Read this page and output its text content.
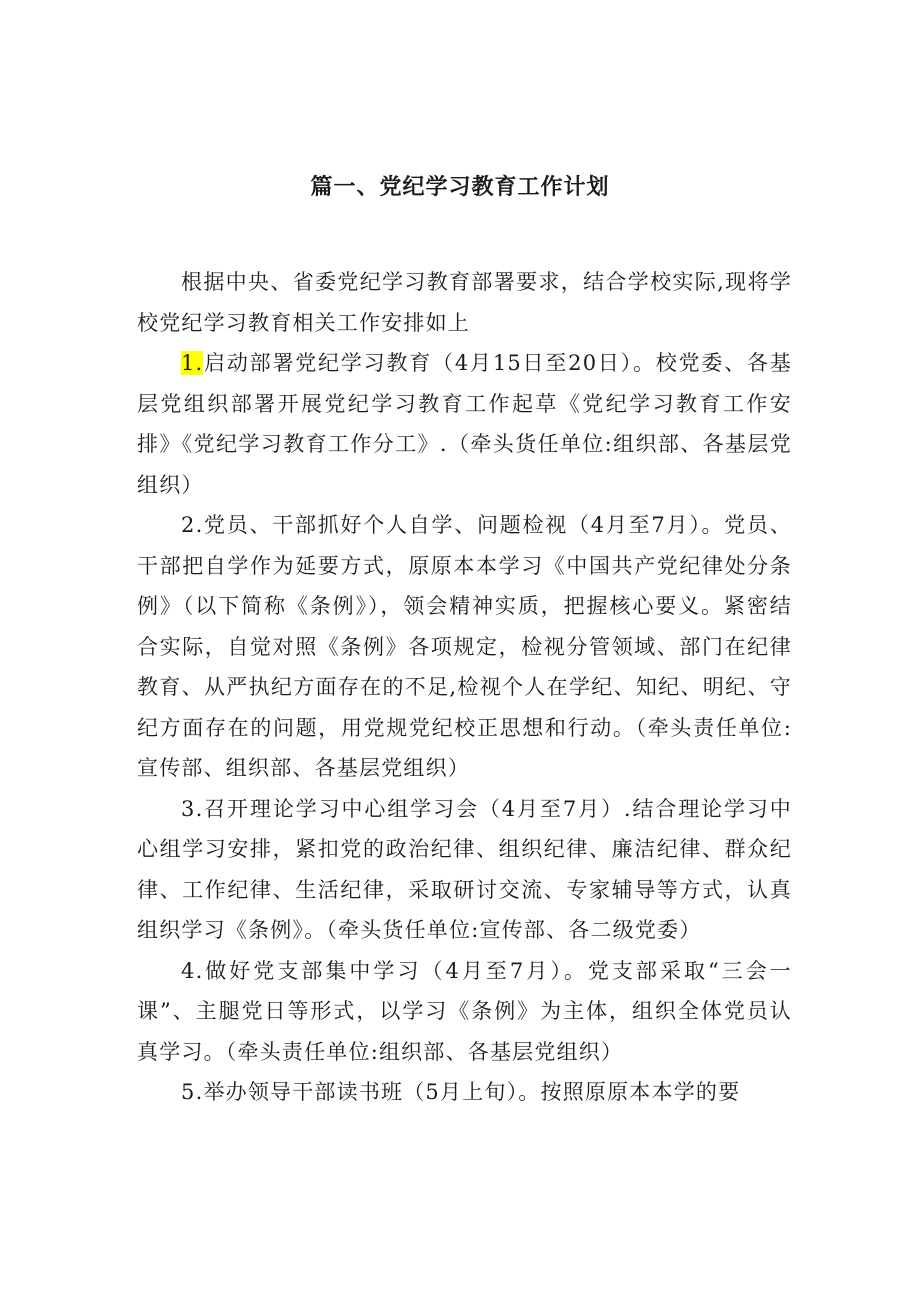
篇一、党纪学习教育工作计划

根据中央、省委党纪学习教育部署要求，结合学校实际,现将学校党纪学习教育相关工作安排如上

1.启动部署党纪学习教育（4月15日至20日）。校党委、各基层党组织部署开展党纪学习教育工作起草《党纪学习教育工作安排》《党纪学习教育工作分工》.（牵头货任单位:组织部、各基层党组织）

2.党员、干部抓好个人自学、问题检视（4月至7月）。党员、干部把自学作为延要方式，原原本本学习《中国共产党纪律处分条例》（以下简称《条例》），领会精神实质，把握核心要义。紧密结合实际，自觉对照《条例》各项规定，检视分管领域、部门在纪律教育、从严执纪方面存在的不足,检视个人在学纪、知纪、明纪、守纪方面存在的问题，用党规党纪校正思想和行动。（牵头责任单位:宣传部、组织部、各基层党组织）

3.召开理论学习中心组学习会（4月至7月）.结合理论学习中心组学习安排，紧扣党的政治纪律、组织纪律、廉洁纪律、群众纪律、工作纪律、生活纪律，采取研讨交流、专家辅导等方式，认真组织学习《条例》。（牵头货任单位:宣传部、各二级党委）

4.做好党支部集中学习（4月至7月）。党支部采取“三会一课”、主腿党日等形式，以学习《条例》为主体，组织全体党员认真学习。（牵头责任单位:组织部、各基层党组织）

5.举办领导干部读书班（5月上旬）。按照原原本本学的要
